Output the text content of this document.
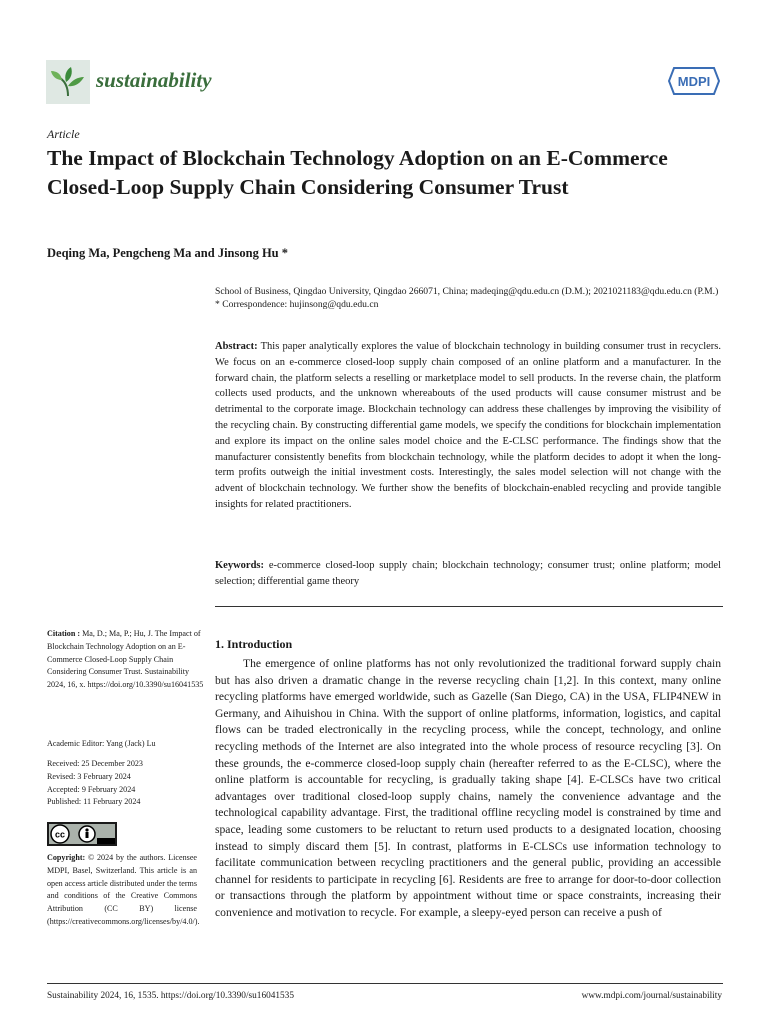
sustainability	MDPI
Article
The Impact of Blockchain Technology Adoption on an E-Commerce Closed-Loop Supply Chain Considering Consumer Trust
Deqing Ma, Pengcheng Ma and Jinsong Hu *
School of Business, Qingdao University, Qingdao 266071, China; madeqing@qdu.edu.cn (D.M.); 2021021183@qdu.edu.cn (P.M.)
* Correspondence: hujinsong@qdu.edu.cn
Abstract: This paper analytically explores the value of blockchain technology in building consumer trust in recyclers. We focus on an e-commerce closed-loop supply chain composed of an online platform and a manufacturer. In the forward chain, the platform selects a reselling or marketplace model to sell products. In the reverse chain, the platform collects used products, and the unknown whereabouts of the used products will cause consumer mistrust and be detrimental to the corporate image. Blockchain technology can address these challenges by improving the visibility of the recycling chain. By constructing differential game models, we specify the conditions for blockchain implementation and explore its impact on the online sales model choice and the E-CLSC performance. The findings show that the manufacturer consistently benefits from blockchain technology, while the platform decides to adopt it when the long-term profits outweigh the initial investment costs. Interestingly, the sales model selection will not change with the advent of blockchain technology. We further show the benefits of blockchain-enabled recycling and provide tangible insights for related practitioners.
Keywords: e-commerce closed-loop supply chain; blockchain technology; consumer trust; online platform; model selection; differential game theory
Citation : Ma, D.; Ma, P.; Hu, J. The Impact of Blockchain Technology Adoption on an E-Commerce Closed-Loop Supply Chain Considering Consumer Trust. Sustainability 2024, 16, x. https://doi.org/10.3390/su16041535
Academic Editor: Yang (Jack) Lu
Received: 25 December 2023
Revised: 3 February 2024
Accepted: 9 February 2024
Published: 11 February 2024
cc
Copyright: © 2024 by the authors. Licensee MDPI, Basel, Switzerland. This article is an open access article distributed under the terms and conditions of the Creative Commons Attribution (CC BY) license (https://creativecommons.org/licenses/by/4.0/).
1. Introduction
The emergence of online platforms has not only revolutionized the traditional forward supply chain but has also driven a dramatic change in the reverse recycling chain [1,2]. In this context, many online recycling platforms have emerged worldwide, such as Gazelle (San Diego, CA) in the USA, FLIP4NEW in Germany, and Aihuishou in China. With the support of online platforms, information, logistics, and capital flows can be traded electronically in the recycling process, while the concept, technology, and online recycling methods of the Internet are also integrated into the whole process of resource recycling [3]. On these grounds, the e-commerce closed-loop supply chain (hereafter referred to as the E-CLSC), where the online platform is accountable for recycling, is gradually taking shape [4]. E-CLSCs have two critical advantages over traditional closed-loop supply chains, namely the convenience advantage and the technological capability advantage. First, the traditional offline recycling model is constrained by time and space, leading some customers to be reluctant to return used products to a designated location, choosing instead to simply discard them [5]. In contrast, platforms in E-CLSCs use information technology to facilitate communication between recycling practitioners and the general public, providing an accessible channel for residents to participate in recycling [6]. Residents are free to arrange for door-to-door collection or transactions through the platform by appointment without time or space constraints, increasing their convenience and motivation to recycle. For example, a sleepy-eyed person can receive a push of
Sustainability 2024, 16, 1535. https://doi.org/10.3390/su16041535	www.mdpi.com/journal/sustainability
